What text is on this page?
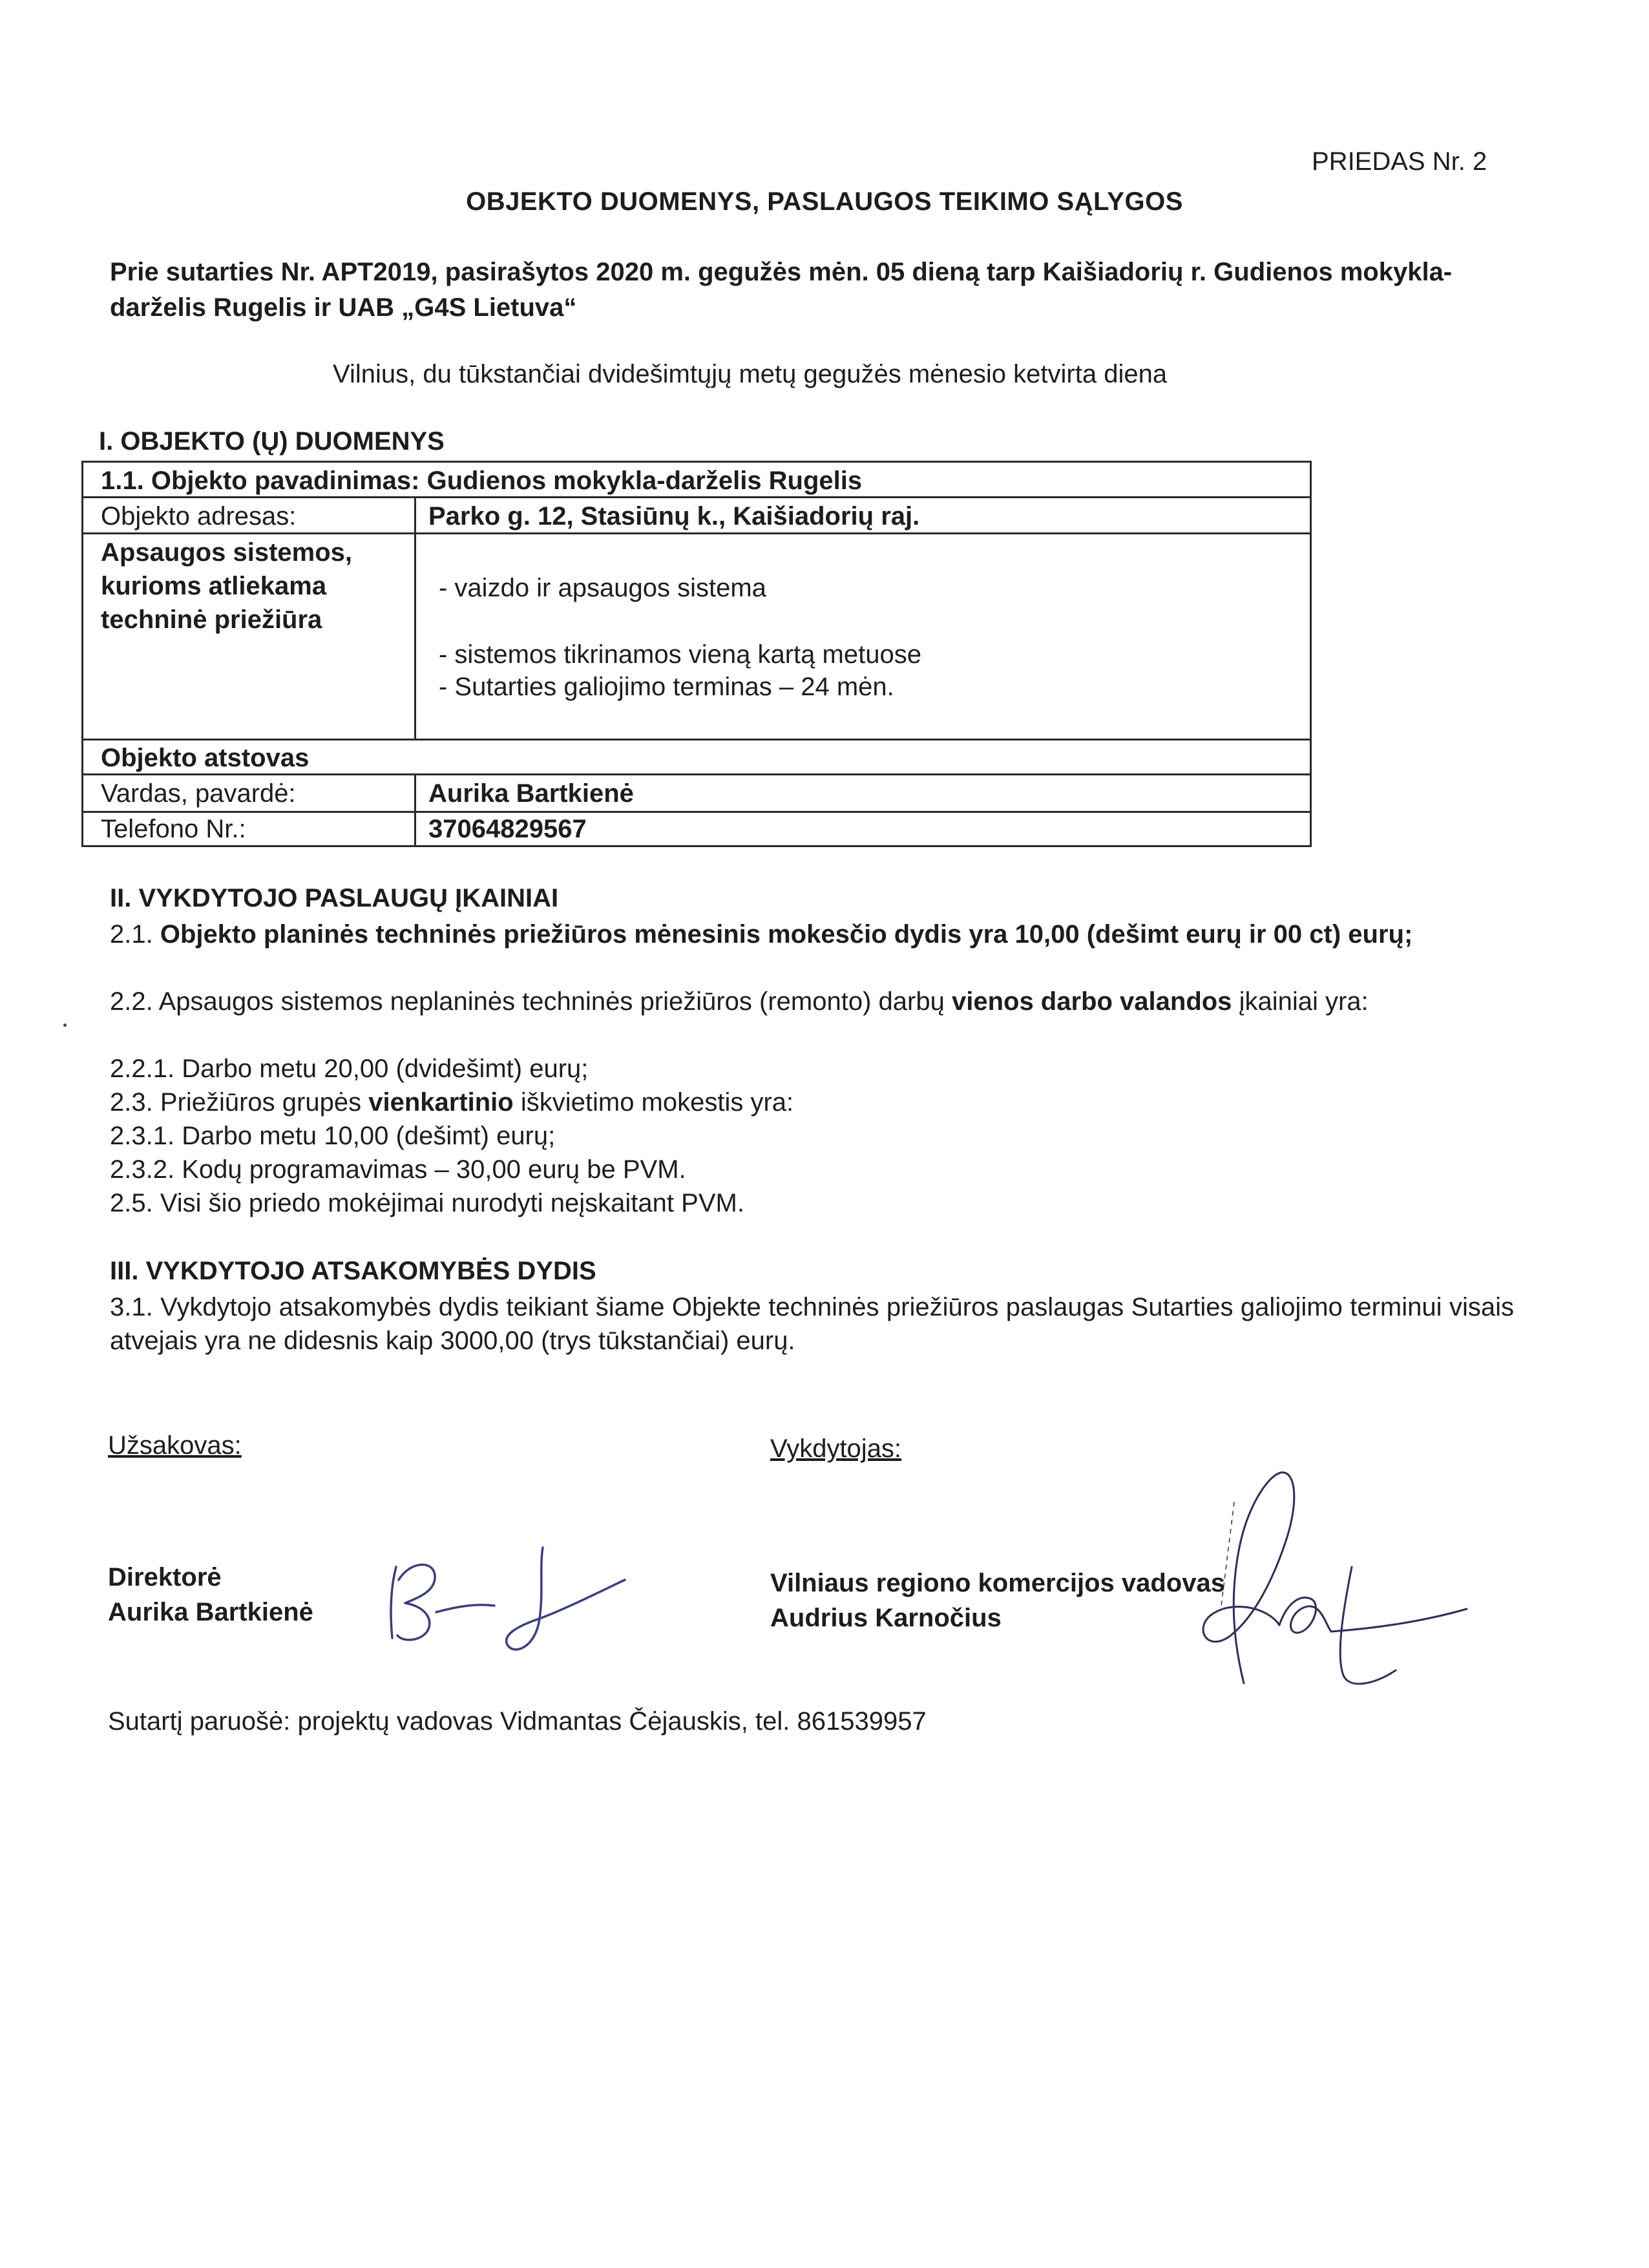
PRIEDAS Nr. 2
OBJEKTO DUOMENYS, PASLAUGOS TEIKIMO SĄLYGOS
Prie sutarties Nr. APT2019, pasirašytos 2020 m. gegužės mėn. 05 dieną tarp Kaišiadorių r. Gudienos mokykla-darželis Rugelis ir UAB „G4S Lietuva“
Vilnius, du tūkstančiai dvidešimtųjų metų gegužės mėnesio ketvirta diena
I. OBJEKTO (Ų) DUOMENYS
1.1. Objekto pavadinimas: Gudienos mokykla-darželis Rugelis
Objekto adresas:	Parko g. 12, Stasiūnų k., Kaišiadorių raj.
Apsaugos sistemos, kurioms atliekama techninė priežiūra
- vaizdo ir apsaugos sistema
- sistemos tikrinamos vieną kartą metuose
- Sutarties galiojimo terminas – 24 mėn.
Objekto atstovas
Vardas, pavardė:	Aurika Bartkienė
Telefono Nr.:	37064829567
II. VYKDYTOJO PASLAUGŲ ĮKAINIAI
2.1. Objekto planinės techninės priežiūros mėnesinis mokesčio dydis yra 10,00 (dešimt eurų ir 00 ct) eurų;
2.2. Apsaugos sistemos neplaninės techninės priežiūros (remonto) darbų vienos darbo valandos įkainiai yra:
2.2.1. Darbo metu 20,00 (dvidešimt) eurų;
2.3. Priežiūros grupės vienkartinio iškvietimo mokestis yra:
2.3.1. Darbo metu 10,00 (dešimt) eurų;
2.3.2. Kodų programavimas – 30,00 eurų be PVM.
2.5. Visi šio priedo mokėjimai nurodyti neįskaitant PVM.
III. VYKDYTOJO ATSAKOMYBĖS DYDIS
3.1. Vykdytojo atsakomybės dydis teikiant šiame Objekte techninės priežiūros paslaugas Sutarties galiojimo terminui visais atvejais yra ne didesnis kaip 3000,00 (trys tūkstančiai) eurų.
Užsakovas:	Vykdytojas:
Direktorė
Aurika Bartkienė
Vilniaus regiono komercijos vadovas
Audrius Karnočius
Sutartį paruošė: projektų vadovas Vidmantas Čėjauskis, tel. 861539957
